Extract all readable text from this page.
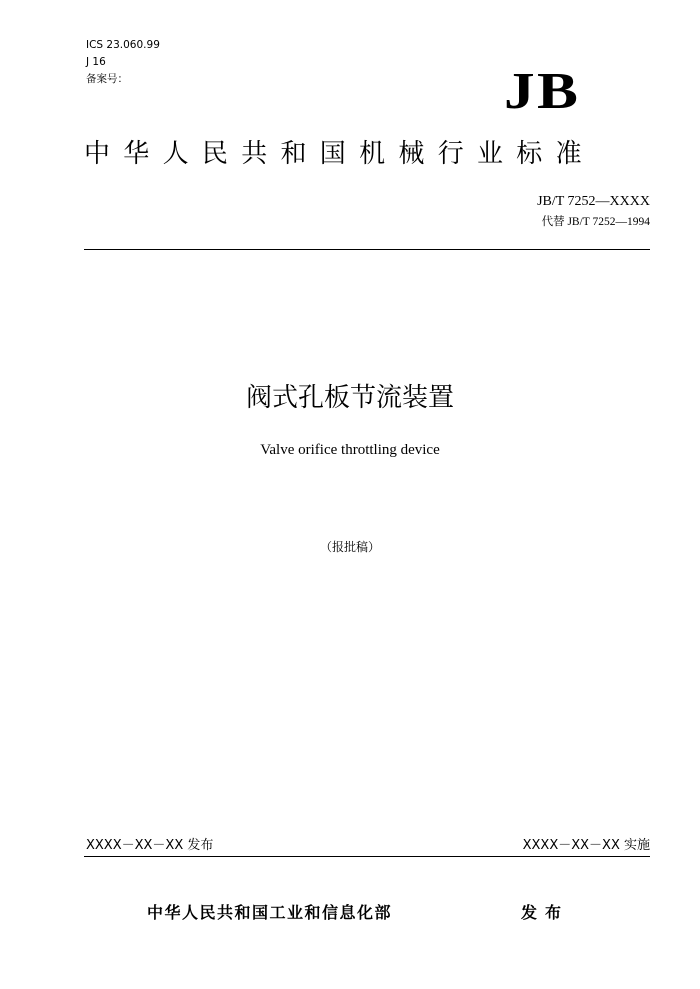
ICS 23.060.99
J 16
备案号：	JB
中华人民共和国机械行业标准
JB/T 7252—XXXX
代替 JB/T 7252—1994
阀式孔板节流装置
Valve orifice throttling device
（报批稿）
XXXX－XX－XX 发布	XXXX－XX－XX 实施
中华人民共和国工业和信息化部	发布
